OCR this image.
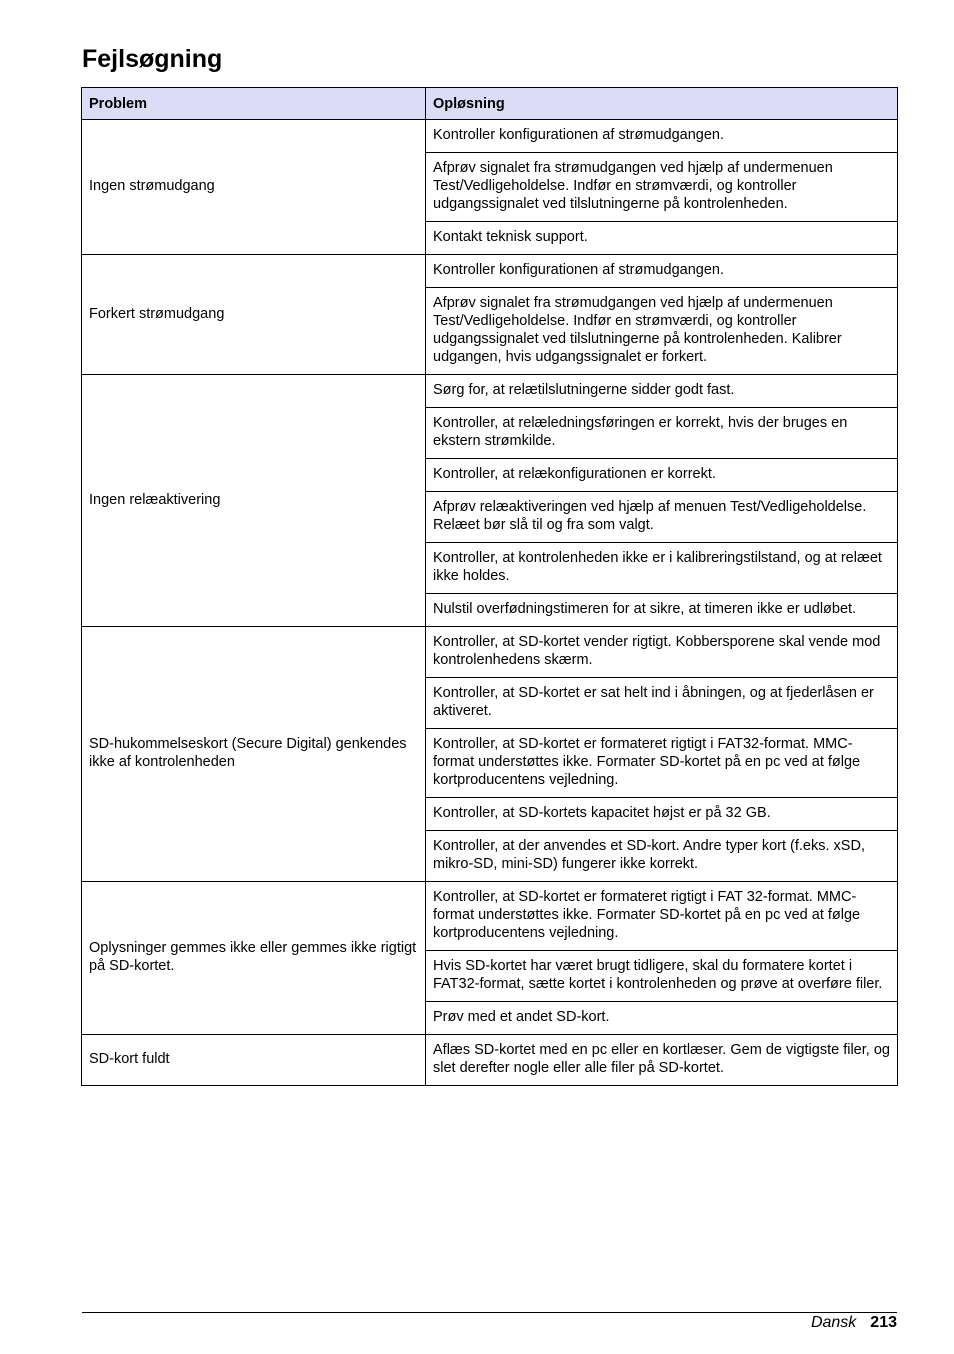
Fejlsøgning
Problem	Opløsning
Ingen strømudgang	Kontroller konfigurationen af strømudgangen.
	Afprøv signalet fra strømudgangen ved hjælp af undermenuen Test/Vedligeholdelse. Indfør en strømværdi, og kontroller udgangssignalet ved tilslutningerne på kontrolenheden.
	Kontakt teknisk support.
Forkert strømudgang	Kontroller konfigurationen af strømudgangen.
	Afprøv signalet fra strømudgangen ved hjælp af undermenuen Test/Vedligeholdelse. Indfør en strømværdi, og kontroller udgangssignalet ved tilslutningerne på kontrolenheden. Kalibrer udgangen, hvis udgangssignalet er forkert.
Ingen relæaktivering	Sørg for, at relætilslutningerne sidder godt fast.
	Kontroller, at relæledningsføringen er korrekt, hvis der bruges en ekstern strømkilde.
	Kontroller, at relækonfigurationen er korrekt.
	Afprøv relæaktiveringen ved hjælp af menuen Test/Vedligeholdelse. Relæet bør slå til og fra som valgt.
	Kontroller, at kontrolenheden ikke er i kalibreringstilstand, og at relæet ikke holdes.
	Nulstil overfødningstimeren for at sikre, at timeren ikke er udløbet.
SD-hukommelseskort (Secure Digital) genkendes ikke af kontrolenheden	Kontroller, at SD-kortet vender rigtigt. Kobbersporene skal vende mod kontrolenhedens skærm.
	Kontroller, at SD-kortet er sat helt ind i åbningen, og at fjederlåsen er aktiveret.
	Kontroller, at SD-kortet er formateret rigtigt i FAT32-format. MMC-format understøttes ikke. Formater SD-kortet på en pc ved at følge kortproducentens vejledning.
	Kontroller, at SD-kortets kapacitet højst er på 32 GB.
	Kontroller, at der anvendes et SD-kort. Andre typer kort (f.eks. xSD, mikro-SD, mini-SD) fungerer ikke korrekt.
Oplysninger gemmes ikke eller gemmes ikke rigtigt på SD-kortet.	Kontroller, at SD-kortet er formateret rigtigt i FAT 32-format. MMC-format understøttes ikke. Formater SD-kortet på en pc ved at følge kortproducentens vejledning.
	Hvis SD-kortet har været brugt tidligere, skal du formatere kortet i FAT32-format, sætte kortet i kontrolenheden og prøve at overføre filer.
	Prøv med et andet SD-kort.
SD-kort fuldt	Aflæs SD-kortet med en pc eller en kortlæser. Gem de vigtigste filer, og slet derefter nogle eller alle filer på SD-kortet.
Dansk 213
